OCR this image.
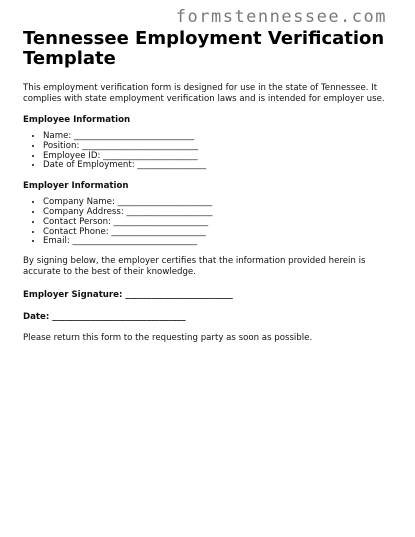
formstennessee.com
Tennessee Employment Verification Template

This employment verification form is designed for use in the state of Tennessee. It complies with state employment verification laws and is intended for employer use.

Employee Information
• Name: ____________________________
• Position: ___________________________
• Employee ID: ______________________
• Date of Employment: ________________
Employer Information
• Company Name: ______________________
• Company Address: ____________________
• Contact Person: ______________________
• Contact Phone: ______________________
• Email: _____________________________

By signing below, the employer certifies that the information provided herein is accurate to the best of their knowledge.

Employer Signature: _________________________

Date: _______________________________

Please return this form to the requesting party as soon as possible.
